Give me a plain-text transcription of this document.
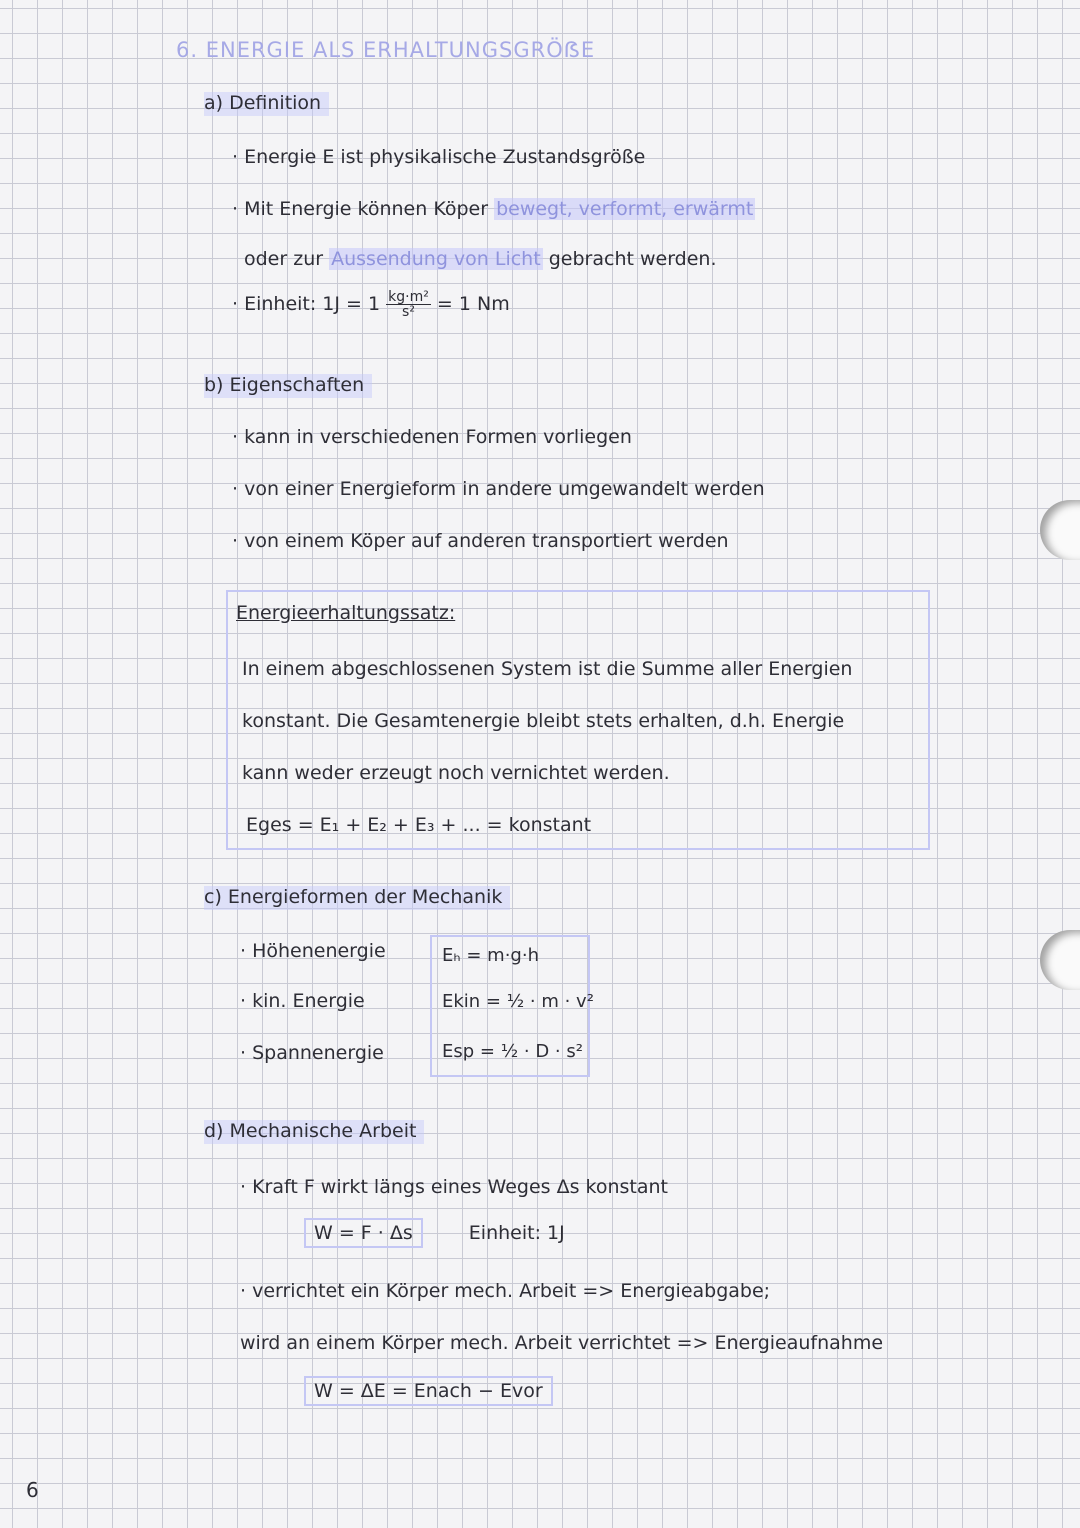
6. ENERGIE ALS ERHALTUNGSGRÖẞE
a) Definition
· Energie E ist physikalische Zustandsgröße
· Mit Energie können Köper bewegt, verformt, erwärmt
oder zur Aussendung von Licht gebracht werden.
· Einheit: $1J = 1 \frac{\text{kg·m²}}{\text{s²}} = 1$ Nm
b) Eigenschaften
· kann in verschiedenen Formen vorliegen
· von einer Energieform in andere umgewandelt werden
· von einem Köper auf anderen transportiert werden
Energieerhaltungssatz:
In einem abgeschlossenen System ist die Summe aller Energien
konstant. Die Gesamtenergie bleibt stets erhalten, d.h. Energie
kann weder erzeugt noch vernichtet werden.
Eges = E₁ + E₂ + E₃ + ... = konstant
c) Energieformen der Mechanik
· Höhenenergie
· kin. Energie
· Spannenergie
Eₕ = m·g·h
Ekin = ½ · m · v²
Esp = ½ · D · s²
d) Mechanische Arbeit
· Kraft F wirkt längs eines Weges Δs konstant
W = F · Δs	Einheit: 1J
· verrichtet ein Körper mech. Arbeit => Energieabgabe;
wird an einem Körper mech. Arbeit verrichtet => Energieaufnahme
W = ΔE = Enach − Evor
6
